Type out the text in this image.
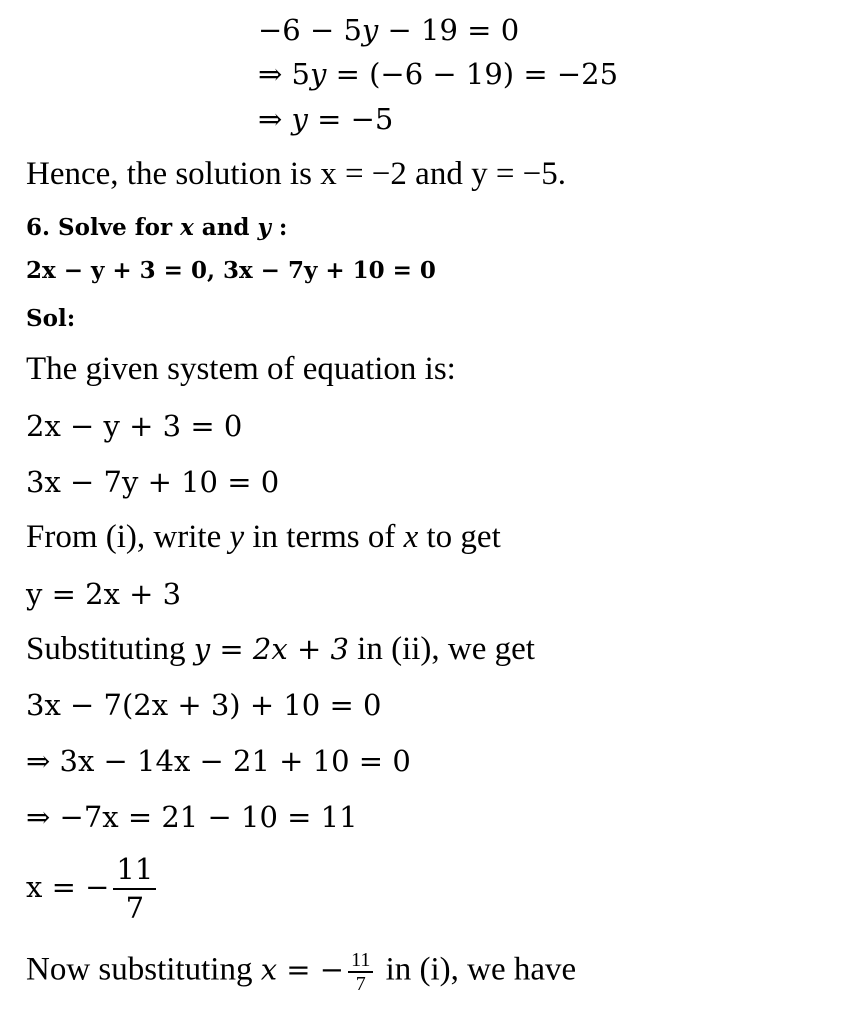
−6 − 5𝑦 − 19 = 0
⇒ 5𝑦 = (−6 − 19) = −25
⇒ 𝑦 = −5
Hence, the solution is x = −2 and y = −5.
6. Solve for x and y :
2x − y + 3 = 0, 3x − 7y + 10 = 0
Sol:
The given system of equation is:
2x − y + 3 = 0
3x − 7y + 10 = 0
From (i), write y in terms of x to get
y = 2x + 3
Substituting y = 2x + 3 in (ii), we get
3x − 7(2x + 3) + 10 = 0
⇒ 3x − 14x − 21 + 10 = 0
⇒ −7x = 21 − 10 = 11
x = − $\frac{11}{7}$
Now substituting x = − $\frac{11}{7}$ in (i), we have
